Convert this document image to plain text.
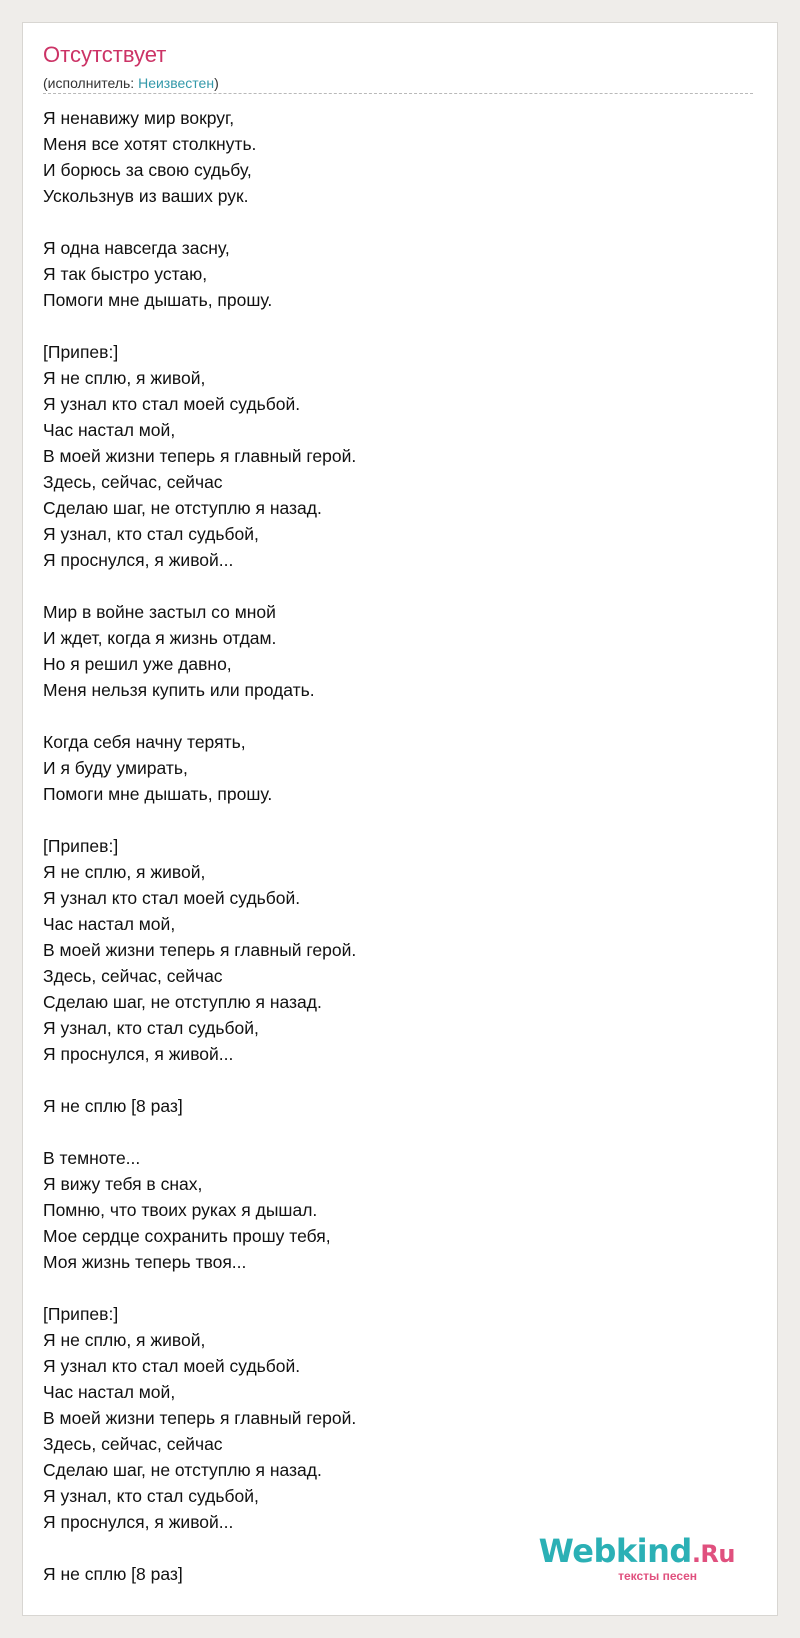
Отсутствует
(исполнитель: Неизвестен)
Я ненавижу мир вокруг,
Меня все хотят столкнуть.
И борюсь за свою судьбу,
Ускользнув из ваших рук.

Я одна навсегда засну,
Я так быстро устаю,
Помоги мне дышать, прошу.

[Припев:]
Я не сплю, я живой,
Я узнал кто стал моей судьбой.
Час настал мой,
В моей жизни теперь я главный герой.
Здесь, сейчас, сейчас
Сделаю шаг, не отступлю я назад.
Я узнал, кто стал судьбой,
Я проснулся, я живой...

Мир в войне застыл со мной
И ждет, когда я жизнь отдам.
Но я решил уже давно,
Меня нельзя купить или продать.

Когда себя начну терять,
И я буду умирать,
Помоги мне дышать, прошу.

[Припев:]
Я не сплю, я живой,
Я узнал кто стал моей судьбой.
Час настал мой,
В моей жизни теперь я главный герой.
Здесь, сейчас, сейчас
Сделаю шаг, не отступлю я назад.
Я узнал, кто стал судьбой,
Я проснулся, я живой...

Я не сплю [8 раз]

В темноте...
Я вижу тебя в снах,
Помню, что твоих руках я дышал.
Мое сердце сохранить прошу тебя,
Моя жизнь теперь твоя...

[Припев:]
Я не сплю, я живой,
Я узнал кто стал моей судьбой.
Час настал мой,
В моей жизни теперь я главный герой.
Здесь, сейчас, сейчас
Сделаю шаг, не отступлю я назад.
Я узнал, кто стал судьбой,
Я проснулся, я живой...

Я не сплю [8 раз]
Webkind.Ru
тексты песен
